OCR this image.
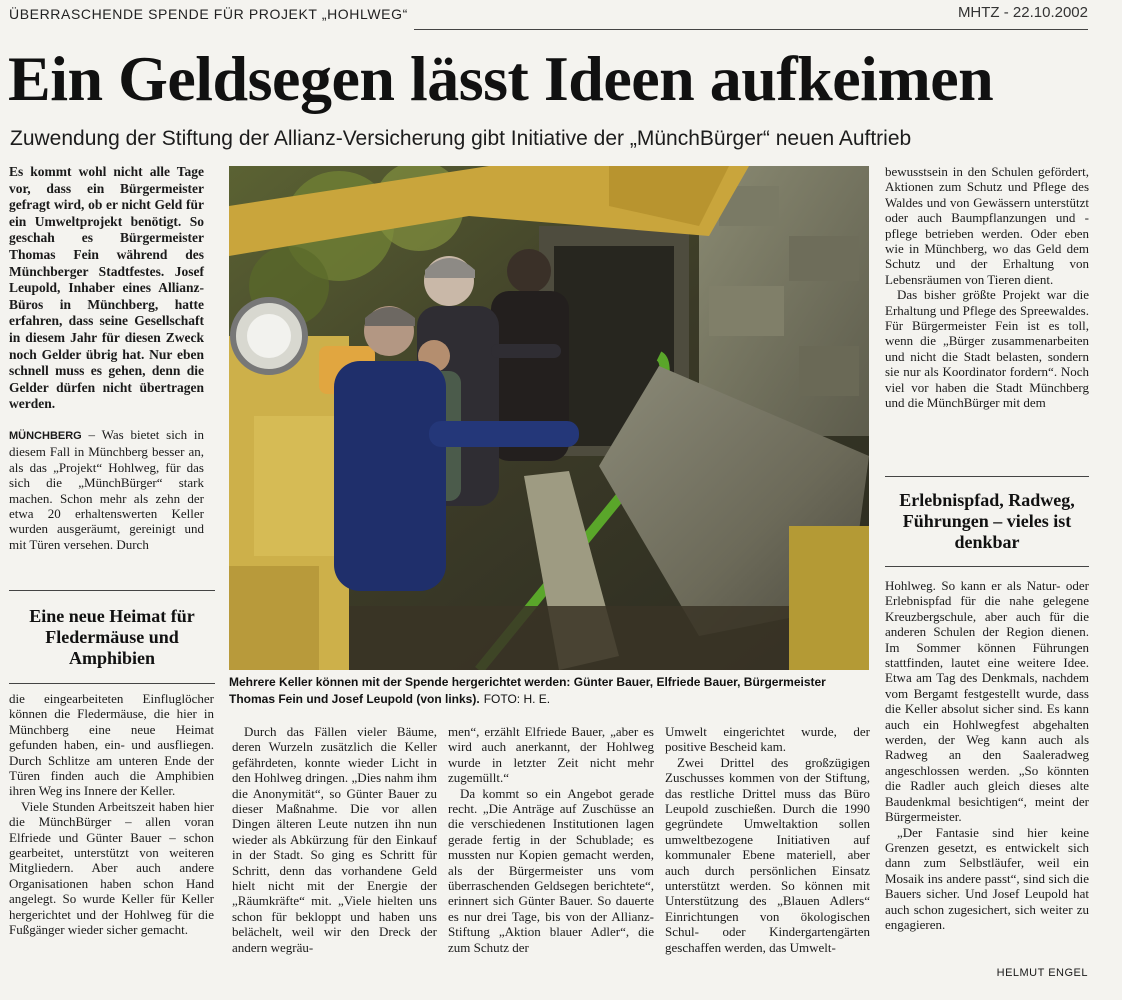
ÜBERRASCHENDE SPENDE FÜR PROJEKT „HOHLWEG“	MHTZ - 22.10.2002
Ein Geldsegen lässt Ideen aufkeimen
Zuwendung der Stiftung der Allianz-Versicherung gibt Initiative der „MünchBürger“ neuen Auftrieb

Es kommt wohl nicht alle Tage vor, dass ein Bürgermeister gefragt wird, ob er nicht Geld für ein Umweltprojekt benötigt. So geschah es Bürgermeister Thomas Fein während des Münchberger Stadtfestes. Josef Leupold, Inhaber eines Allianz-Büros in Münchberg, hatte erfahren, dass seine Gesellschaft in diesem Jahr für diesen Zweck noch Gelder übrig hat. Nur eben schnell muss es gehen, denn die Gelder dürfen nicht übertragen werden.

MÜNCHBERG – Was bietet sich in diesem Fall in Münchberg besser an, als das „Projekt“ Hohlweg, für das sich die „MünchBürger“ stark machen. Schon mehr als zehn der etwa 20 erhaltenswerten Keller wurden ausgeräumt, gereinigt und mit Türen versehen. Durch

Eine neue Heimat für Fledermäuse und Amphibien

die eingearbeiteten Einfluglöcher können die Fledermäuse, die hier in Münchberg eine neue Heimat gefunden haben, ein- und ausfliegen. Durch Schlitze am unteren Ende der Türen finden auch die Amphibien ihren Weg ins Innere der Keller.

Viele Stunden Arbeitszeit haben hier die MünchBürger – allen voran Elfriede und Günter Bauer – schon gearbeitet, unterstützt von weiteren Mitgliedern. Aber auch andere Organisationen haben schon Hand angelegt. So wurde Keller für Keller hergerichtet und der Hohlweg für die Fußgänger wieder sicher gemacht.

Mehrere Keller können mit der Spende hergerichtet werden: Günter Bauer, Elfriede Bauer, Bürgermeister Thomas Fein und Josef Leupold (von links). FOTO: H. E.

Durch das Fällen vieler Bäume, deren Wurzeln zusätzlich die Keller gefährdeten, konnte wieder Licht in den Hohlweg dringen. „Dies nahm ihm die Anonymität“, so Günter Bauer zu dieser Maßnahme. Die vor allen Dingen älteren Leute nutzen ihn nun wieder als Abkürzung für den Einkauf in der Stadt. So ging es Schritt für Schritt, denn das vorhandene Geld hielt nicht mit der Energie der „Räumkräfte“ mit. „Viele hielten uns schon für bekloppt und haben uns belächelt, weil wir den Dreck der andern wegräu-

men“, erzählt Elfriede Bauer, „aber es wird auch anerkannt, der Hohlweg wurde in letzter Zeit nicht mehr zugemüllt.“

Da kommt so ein Angebot gerade recht. „Die Anträge auf Zuschüsse an die verschiedenen Institutionen lagen gerade fertig in der Schublade; es mussten nur Kopien gemacht werden, als der Bürgermeister uns vom überraschenden Geldsegen berichtete“, erinnert sich Günter Bauer. So dauerte es nur drei Tage, bis von der Allianz-Stiftung „Aktion blauer Adler“, die zum Schutz der

Umwelt eingerichtet wurde, der positive Bescheid kam.

Zwei Drittel des großzügigen Zuschusses kommen von der Stiftung, das restliche Drittel muss das Büro Leupold zuschießen. Durch die 1990 gegründete Umweltaktion sollen umweltbezogene Initiativen auf kommunaler Ebene materiell, aber auch durch persönlichen Einsatz unterstützt werden. So können mit Unterstützung des „Blauen Adlers“ Einrichtungen von ökologischen Schul- oder Kindergartengärten geschaffen werden, das Umwelt-

bewusstsein in den Schulen gefördert, Aktionen zum Schutz und Pflege des Waldes und von Gewässern unterstützt oder auch Baumpflanzungen und -pflege betrieben werden. Oder eben wie in Münchberg, wo das Geld dem Schutz und der Erhaltung von Lebensräumen von Tieren dient.

Das bisher größte Projekt war die Erhaltung und Pflege des Spreewaldes. Für Bürgermeister Fein ist es toll, wenn die „Bürger zusammenarbeiten und nicht die Stadt belasten, sondern sie nur als Koordinator fordern“. Noch viel vor haben die Stadt Münchberg und die MünchBürger mit dem

Erlebnispfad, Radweg, Führungen – vieles ist denkbar

Hohlweg. So kann er als Natur- oder Erlebnispfad für die nahe gelegene Kreuzbergschule, aber auch für die anderen Schulen der Region dienen. Im Sommer können Führungen stattfinden, lautet eine weitere Idee. Etwa am Tag des Denkmals, nachdem vom Bergamt festgestellt wurde, dass die Keller absolut sicher sind. Es kann auch ein Hohlwegfest abgehalten werden, der Weg kann auch als Radweg an den Saaleradweg angeschlossen werden. „So könnten die Radler auch gleich dieses alte Baudenkmal besichtigen“, meint der Bürgermeister.

„Der Fantasie sind hier keine Grenzen gesetzt, es entwickelt sich dann zum Selbstläufer, weil ein Mosaik ins andere passt“, sind sich die Bauers sicher. Und Josef Leupold hat auch schon zugesichert, sich weiter zu engagieren.

HELMUT ENGEL
